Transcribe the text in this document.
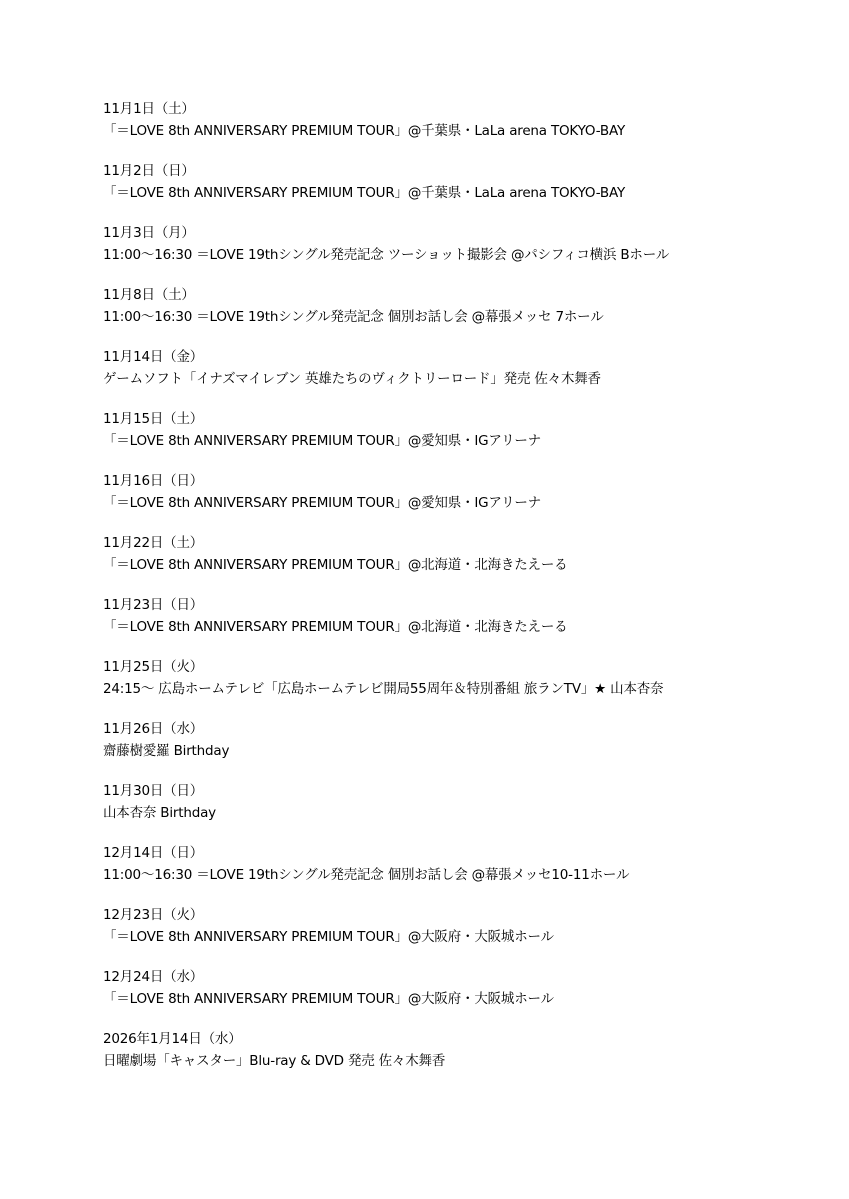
11月1日（土）
「＝LOVE 8th ANNIVERSARY PREMIUM TOUR」@千葉県・LaLa arena TOKYO-BAY
11月2日（日）
「＝LOVE 8th ANNIVERSARY PREMIUM TOUR」@千葉県・LaLa arena TOKYO-BAY
11月3日（月）
11:00〜16:30 ＝LOVE 19thシングル発売記念 ツーショット撮影会 @パシフィコ横浜 Bホール
11月8日（土）
11:00〜16:30 ＝LOVE 19thシングル発売記念 個別お話し会 @幕張メッセ 7ホール
11月14日（金）
ゲームソフト「イナズマイレブン 英雄たちのヴィクトリーロード」発売 佐々木舞香
11月15日（土）
「＝LOVE 8th ANNIVERSARY PREMIUM TOUR」@愛知県・IGアリーナ
11月16日（日）
「＝LOVE 8th ANNIVERSARY PREMIUM TOUR」@愛知県・IGアリーナ
11月22日（土）
「＝LOVE 8th ANNIVERSARY PREMIUM TOUR」@北海道・北海きたえーる
11月23日（日）
「＝LOVE 8th ANNIVERSARY PREMIUM TOUR」@北海道・北海きたえーる
11月25日（火）
24:15〜 広島ホームテレビ「広島ホームテレビ開局55周年＆特別番組 旅ランTV」★ 山本杏奈
11月26日（水）
齋藤樹愛羅 Birthday
11月30日（日）
山本杏奈 Birthday
12月14日（日）
11:00〜16:30 ＝LOVE 19thシングル発売記念 個別お話し会 @幕張メッセ10-11ホール
12月23日（火）
「＝LOVE 8th ANNIVERSARY PREMIUM TOUR」@大阪府・大阪城ホール
12月24日（水）
「＝LOVE 8th ANNIVERSARY PREMIUM TOUR」@大阪府・大阪城ホール
2026年1月14日（水）
日曜劇場「キャスター」Blu-ray & DVD 発売 佐々木舞香
